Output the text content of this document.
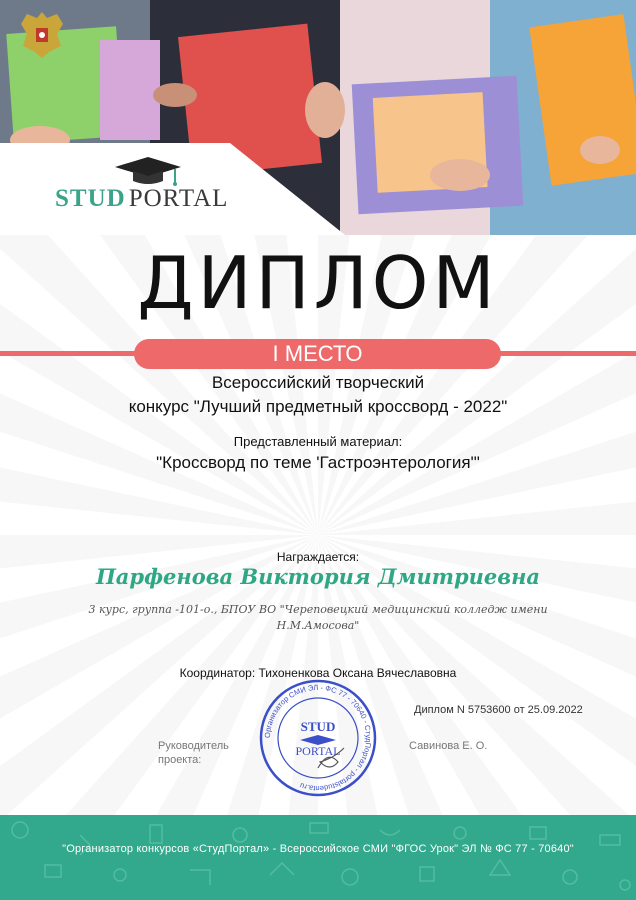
STUD PORTAL
ДИПЛОМ
I МЕСТО
Всероссийский творческий
конкурс "Лучший предметный кроссворд - 2022"
Представленный материал:
"Кроссворд по теме 'Гастроэнтерология'"
Награждается:
Парфенова Виктория Дмитриевна
3 курс, группа -101-о., БПОУ ВО "Череповецкий медицинский колледж имени
Н.М.Амосова"
Координатор: Тихоненкова Оксана Вячеславовна
Организатор СМИ ЭЛ - ФС 77 - 70640 - СтудПортал - portalstudenta.ru
STUD
PORTAL
Диплом N 5753600 от 25.09.2022
Руководитель
проекта:
Савинова Е. О.
"Организатор конкурсов «СтудПортал» - Всероссийское СМИ "ФГОС Урок" ЭЛ № ФС 77 - 70640"
